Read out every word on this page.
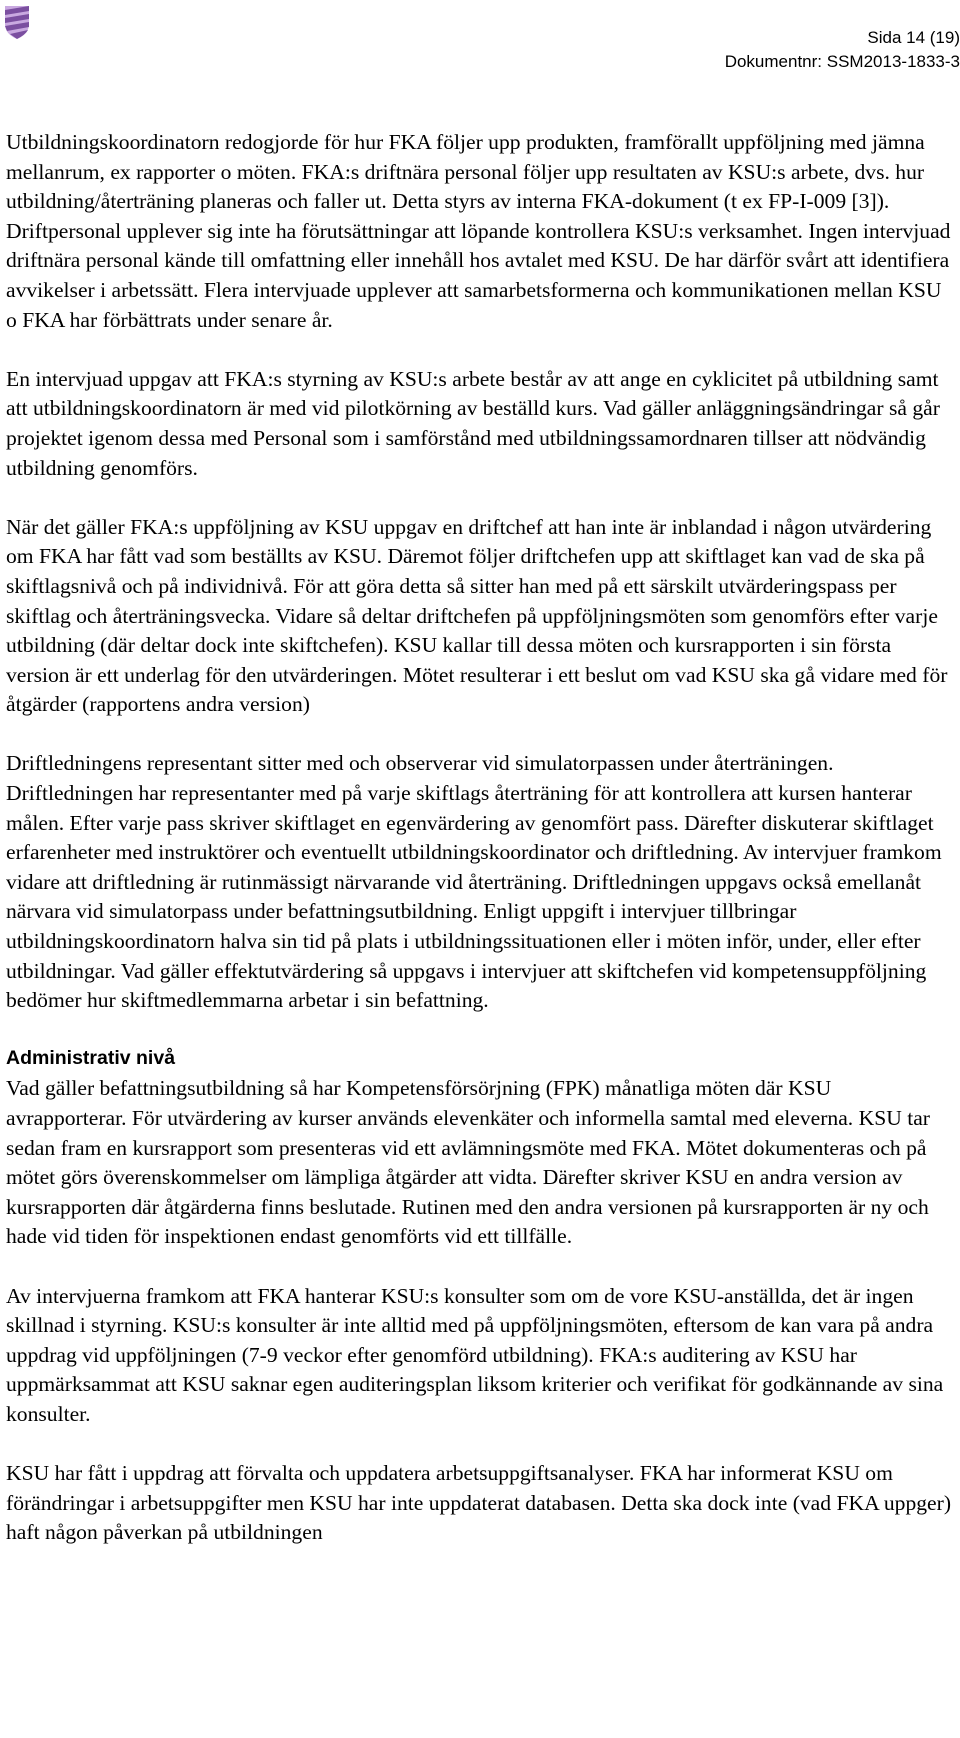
Sida 14 (19)
Dokumentnr: SSM2013-1833-3

Utbildningskoordinatorn redogjorde för hur FKA följer upp produkten, framförallt uppföljning med jämna mellanrum, ex rapporter o möten. FKA:s driftnära personal följer upp resultaten av KSU:s arbete, dvs. hur utbildning/återträning planeras och faller ut. Detta styrs av interna FKA-dokument (t ex FP-I-009 [3]). Driftpersonal upplever sig inte ha förutsättningar att löpande kontrollera KSU:s verksamhet. Ingen intervjuad driftnära personal kände till omfattning eller innehåll hos avtalet med KSU. De har därför svårt att identifiera avvikelser i arbetssätt. Flera intervjuade upplever att samarbetsformerna och kommunikationen mellan KSU o FKA har förbättrats under senare år.

En intervjuad uppgav att FKA:s styrning av KSU:s arbete består av att ange en cyklicitet på utbildning samt att utbildningskoordinatorn är med vid pilotkörning av beställd kurs. Vad gäller anläggningsändringar så går projektet igenom dessa med Personal som i samförstånd med utbildningssamordnaren tillser att nödvändig utbildning genomförs.

När det gäller FKA:s uppföljning av KSU uppgav en driftchef att han inte är inblandad i någon utvärdering om FKA har fått vad som beställts av KSU. Däremot följer driftchefen upp att skiftlaget kan vad de ska på skiftlagsnivå och på individnivå. För att göra detta så sitter han med på ett särskilt utvärderingspass per skiftlag och återträningsvecka. Vidare så deltar driftchefen på uppföljningsmöten som genomförs efter varje utbildning (där deltar dock inte skiftchefen). KSU kallar till dessa möten och kursrapporten i sin första version är ett underlag för den utvärderingen. Mötet resulterar i ett beslut om vad KSU ska gå vidare med för åtgärder (rapportens andra version)

Driftledningens representant sitter med och observerar vid simulatorpassen under återträningen. Driftledningen har representanter med på varje skiftlags återträning för att kontrollera att kursen hanterar målen. Efter varje pass skriver skiftlaget en egenvärdering av genomfört pass. Därefter diskuterar skiftlaget erfarenheter med instruktörer och eventuellt utbildningskoordinator och driftledning. Av intervjuer framkom vidare att driftledning är rutinmässigt närvarande vid återträning. Driftledningen uppgavs också emellanåt närvara vid simulatorpass under befattningsutbildning. Enligt uppgift i intervjuer tillbringar utbildningskoordinatorn halva sin tid på plats i utbildningssituationen eller i möten inför, under, eller efter utbildningar. Vad gäller effektutvärdering så uppgavs i intervjuer att skiftchefen vid kompetensuppföljning bedömer hur skiftmedlemmarna arbetar i sin befattning.

Administrativ nivå

Vad gäller befattningsutbildning så har Kompetensförsörjning (FPK) månatliga möten där KSU avrapporterar. För utvärdering av kurser används elevenkäter och informella samtal med eleverna. KSU tar sedan fram en kursrapport som presenteras vid ett avlämningsmöte med FKA. Mötet dokumenteras och på mötet görs överenskommelser om lämpliga åtgärder att vidta. Därefter skriver KSU en andra version av kursrapporten där åtgärderna finns beslutade. Rutinen med den andra versionen på kursrapporten är ny och hade vid tiden för inspektionen endast genomförts vid ett tillfälle.

Av intervjuerna framkom att FKA hanterar KSU:s konsulter som om de vore KSU-anställda, det är ingen skillnad i styrning. KSU:s konsulter är inte alltid med på uppföljningsmöten, eftersom de kan vara på andra uppdrag vid uppföljningen (7-9 veckor efter genomförd utbildning). FKA:s auditering av KSU har uppmärksammat att KSU saknar egen auditeringsplan liksom kriterier och verifikat för godkännande av sina konsulter.

KSU har fått i uppdrag att förvalta och uppdatera arbetsuppgiftsanalyser. FKA har informerat KSU om förändringar i arbetsuppgifter men KSU har inte uppdaterat databasen. Detta ska dock inte (vad FKA uppger) haft någon påverkan på utbildningen
